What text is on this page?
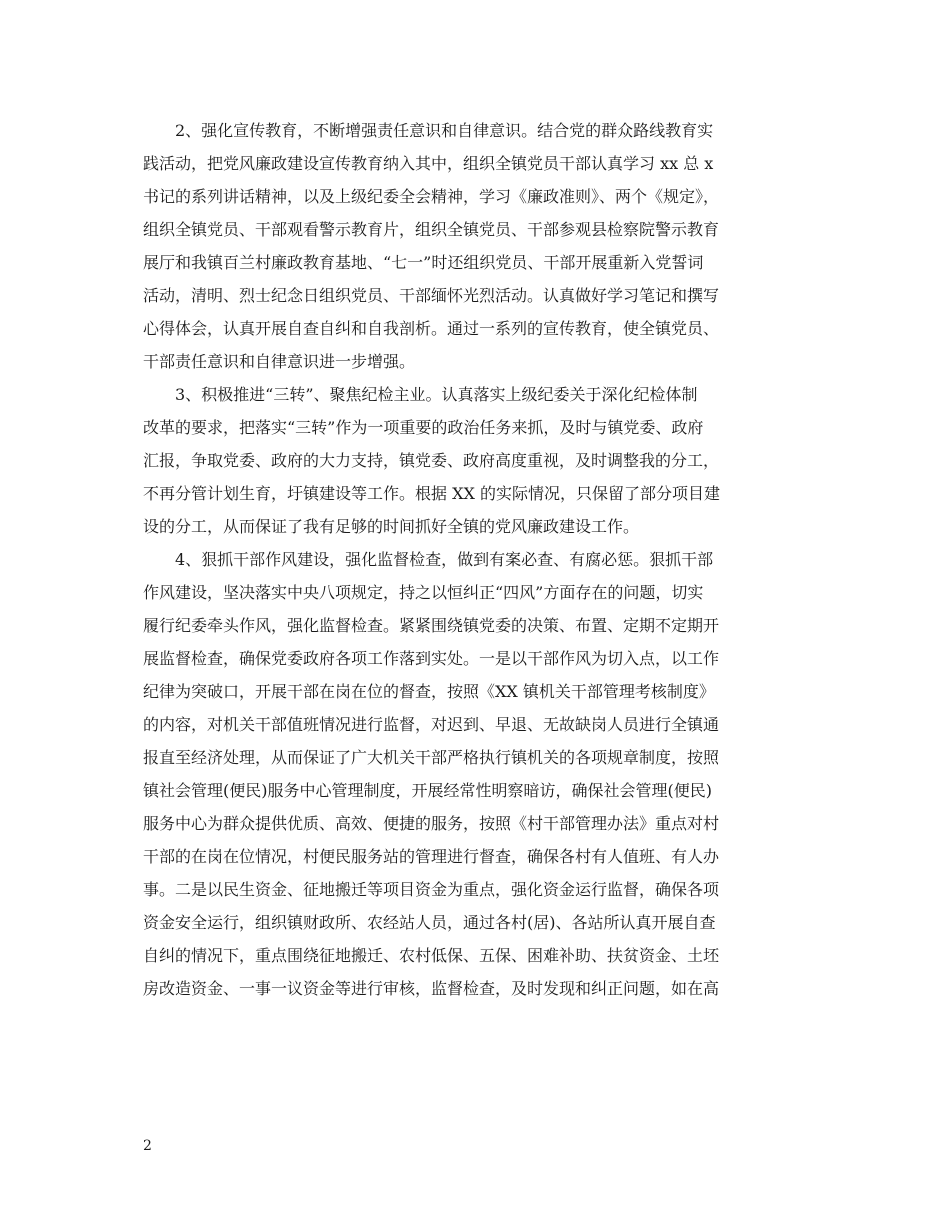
2、强化宣传教育，不断增强责任意识和自律意识。结合党的群众路线教育实
践活动，把党风廉政建设宣传教育纳入其中，组织全镇党员干部认真学习 xx 总 x
书记的系列讲话精神，以及上级纪委全会精神，学习《廉政准则》、两个《规定》，
组织全镇党员、干部观看警示教育片，组织全镇党员、干部参观县检察院警示教育
展厅和我镇百兰村廉政教育基地、“七一”时还组织党员、干部开展重新入党誓词
活动，清明、烈士纪念日组织党员、干部缅怀光烈活动。认真做好学习笔记和撰写
心得体会，认真开展自查自纠和自我剖析。通过一系列的宣传教育，使全镇党员、
干部责任意识和自律意识进一步增强。
3、积极推进“三转”、聚焦纪检主业。认真落实上级纪委关于深化纪检体制
改革的要求，把落实“三转”作为一项重要的政治任务来抓，及时与镇党委、政府
汇报，争取党委、政府的大力支持，镇党委、政府高度重视，及时调整我的分工，
不再分管计划生育，圩镇建设等工作。根据 XX 的实际情况，只保留了部分项目建
设的分工，从而保证了我有足够的时间抓好全镇的党风廉政建设工作。
4、狠抓干部作风建设，强化监督检查，做到有案必查、有腐必惩。狠抓干部
作风建设，坚决落实中央八项规定，持之以恒纠正“四风”方面存在的问题，切实
履行纪委牵头作风，强化监督检查。紧紧围绕镇党委的决策、布置、定期不定期开
展监督检查，确保党委政府各项工作落到实处。一是以干部作风为切入点，以工作
纪律为突破口，开展干部在岗在位的督查，按照《XX 镇机关干部管理考核制度》
的内容，对机关干部值班情况进行监督，对迟到、早退、无故缺岗人员进行全镇通
报直至经济处理，从而保证了广大机关干部严格执行镇机关的各项规章制度，按照
镇社会管理(便民)服务中心管理制度，开展经常性明察暗访，确保社会管理(便民)
服务中心为群众提供优质、高效、便捷的服务，按照《村干部管理办法》重点对村
干部的在岗在位情况，村便民服务站的管理进行督查，确保各村有人值班、有人办
事。二是以民生资金、征地搬迁等项目资金为重点，强化资金运行监督，确保各项
资金安全运行，组织镇财政所、农经站人员，通过各村(居)、各站所认真开展自查
自纠的情况下，重点围绕征地搬迁、农村低保、五保、困难补助、扶贫资金、土坯
房改造资金、一事一议资金等进行审核，监督检查，及时发现和纠正问题，如在高
2
